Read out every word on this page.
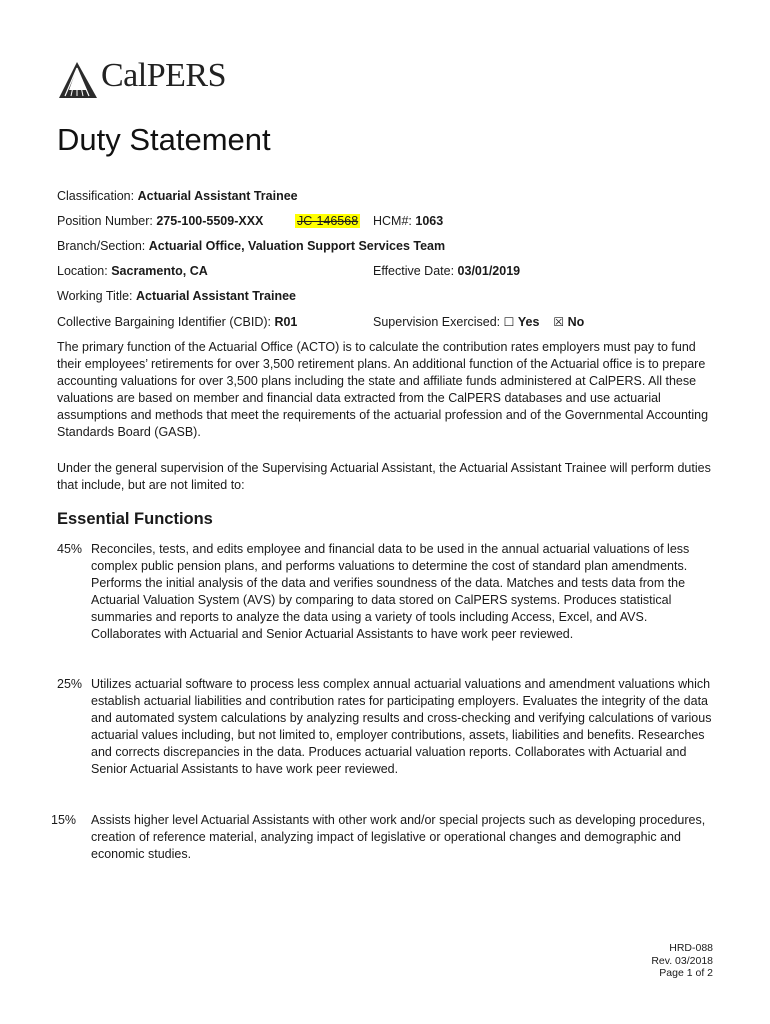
CalPERS
Duty Statement
Classification: Actuarial Assistant Trainee
Position Number: 275-100-5509-XXX	JC-146568 HCM#: 1063
Branch/Section: Actuarial Office, Valuation Support Services Team
Location: Sacramento, CA	Effective Date: 03/01/2019
Working Title: Actuarial Assistant Trainee
Collective Bargaining Identifier (CBID): R01	Supervision Exercised: ☐ Yes ☒ No

The primary function of the Actuarial Office (ACTO) is to calculate the contribution rates employers must pay to fund their employees’ retirements for over 3,500 retirement plans. An additional function of the Actuarial office is to prepare accounting valuations for over 3,500 plans including the state and affiliate funds administered at CalPERS. All these valuations are based on member and financial data extracted from the CalPERS databases and use actuarial assumptions and methods that meet the requirements of the actuarial profession and of the Governmental Accounting Standards Board (GASB).

Under the general supervision of the Supervising Actuarial Assistant, the Actuarial Assistant Trainee will perform duties that include, but are not limited to:

Essential Functions
45% Reconciles, tests, and edits employee and financial data to be used in the annual actuarial valuations of less complex public pension plans, and performs valuations to determine the cost of standard plan amendments. Performs the initial analysis of the data and verifies soundness of the data. Matches and tests data from the Actuarial Valuation System (AVS) by comparing to data stored on CalPERS systems. Produces statistical summaries and reports to analyze the data using a variety of tools including Access, Excel, and AVS. Collaborates with Actuarial and Senior Actuarial Assistants to have work peer reviewed.
25% Utilizes actuarial software to process less complex annual actuarial valuations and amendment valuations which establish actuarial liabilities and contribution rates for participating employers. Evaluates the integrity of the data and automated system calculations by analyzing results and cross-checking and verifying calculations of various actuarial values including, but not limited to, employer contributions, assets, liabilities and benefits. Researches and corrects discrepancies in the data. Produces actuarial valuation reports. Collaborates with Actuarial and Senior Actuarial Assistants to have work peer reviewed.
15% Assists higher level Actuarial Assistants with other work and/or special projects such as developing procedures, creation of reference material, analyzing impact of legislative or operational changes and demographic and economic studies.
HRD-088
Rev. 03/2018
Page 1 of 2
